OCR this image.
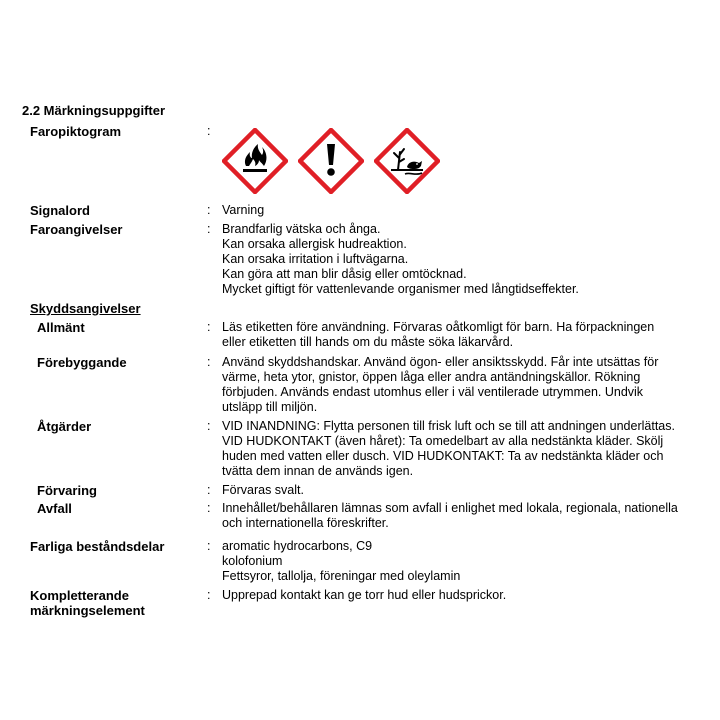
2.2 Märkningsuppgifter
Faropiktogram	:
Signalord	: Varning
Faroangivelser	: Brandfarlig vätska och ånga.
Kan orsaka allergisk hudreaktion.
Kan orsaka irritation i luftvägarna.
Kan göra att man blir dåsig eller omtöcknad.
Mycket giftigt för vattenlevande organismer med långtidseffekter.
Skyddsangivelser
Allmänt	: Läs etiketten före användning. Förvaras oåtkomligt för barn. Ha förpackningen
eller etiketten till hands om du måste söka läkarvård.
Förebyggande	: Använd skyddshandskar. Använd ögon- eller ansiktsskydd. Får inte utsättas för
värme, heta ytor, gnistor, öppen låga eller andra antändningskällor. Rökning
förbjuden. Används endast utomhus eller i väl ventilerade utrymmen. Undvik
utsläpp till miljön.
Åtgärder	: VID INANDNING: Flytta personen till frisk luft och se till att andningen underlättas.
VID HUDKONTAKT (även håret): Ta omedelbart av alla nedstänkta kläder. Skölj
huden med vatten eller dusch. VID HUDKONTAKT: Ta av nedstänkta kläder och
tvätta dem innan de används igen.
Förvaring	: Förvaras svalt.
Avfall	: Innehållet/behållaren lämnas som avfall i enlighet med lokala, regionala, nationella
och internationella föreskrifter.
Farliga beståndsdelar	: aromatic hydrocarbons, C9
kolofonium
Fettsyror, tallolja, föreningar med oleylamin
Kompletterande
märkningselement
: Upprepad kontakt kan ge torr hud eller hudsprickor.
